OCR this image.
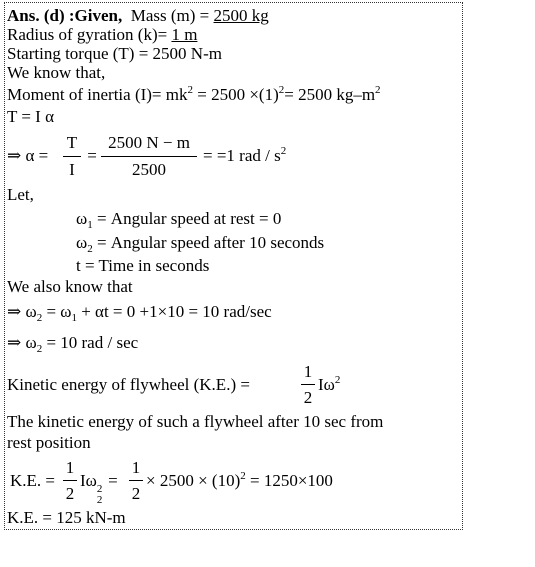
Ans. (d) :Given, Mass (m) = 2500 kg
Radius of gyration (k)= 1 m
Starting torque (T) = 2500 N-m
We know that,
Moment of inertia $(I)= mk^2 = 2500 \times(1)^2= 2500$ $kg-m^2$
T = I α
⇒ α =
T
I
=
2500 N − m
2500
= =1 rad / $s^2$
Let,
$\omega_1$ = Angular speed at rest = 0
$\omega_2$ = Angular speed after 10 seconds
t = Time in seconds
We also know that
⇒ $\omega_2 = \omega_1 + \alpha t = 0 +1\times 10 = 10$ rad/sec
⇒ $\omega_2 = 10$ rad / sec
Kinetic energy of flywheel (K.E.) =
1
2
$I\omega^2$
The kinetic energy of such a flywheel after 10 sec from
rest position
K.E. =
1
2
Iω 2
2
=
1
2
× $2500 \times (10)^2 = 1250\times 100$
K.E. = 125 kN-m
